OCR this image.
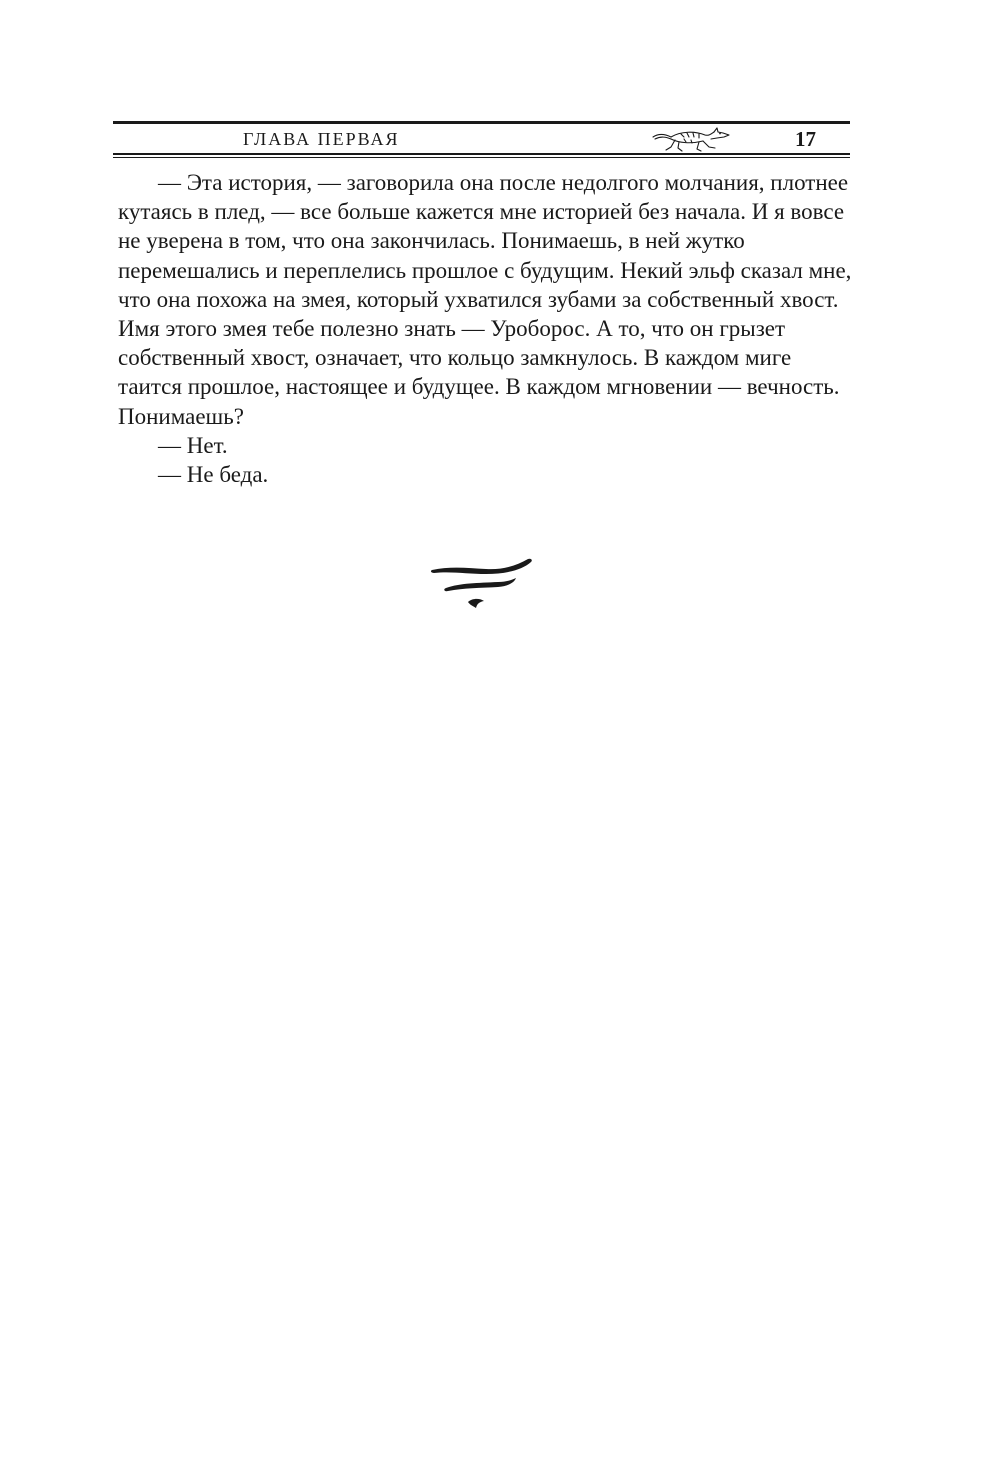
ГЛАВА ПЕРВАЯ	17

— Эта история, — заговорила она после недолгого молчания, плотнее кутаясь в плед, — все больше кажется мне историей без начала. И я вовсе не уверена в том, что она закончилась. Понимаешь, в ней жутко перемешались и переплелись прошлое с будущим. Некий эльф сказал мне, что она похожа на змея, который ухватился зубами за собственный хвост. Имя этого змея тебе полезно знать — Уроборос. А то, что он грызет собственный хвост, означает, что кольцо замкнулось. В каждом миге таится прошлое, настоящее и будущее. В каждом мгновении — вечность. Понимаешь?

— Нет.

— Не беда.
